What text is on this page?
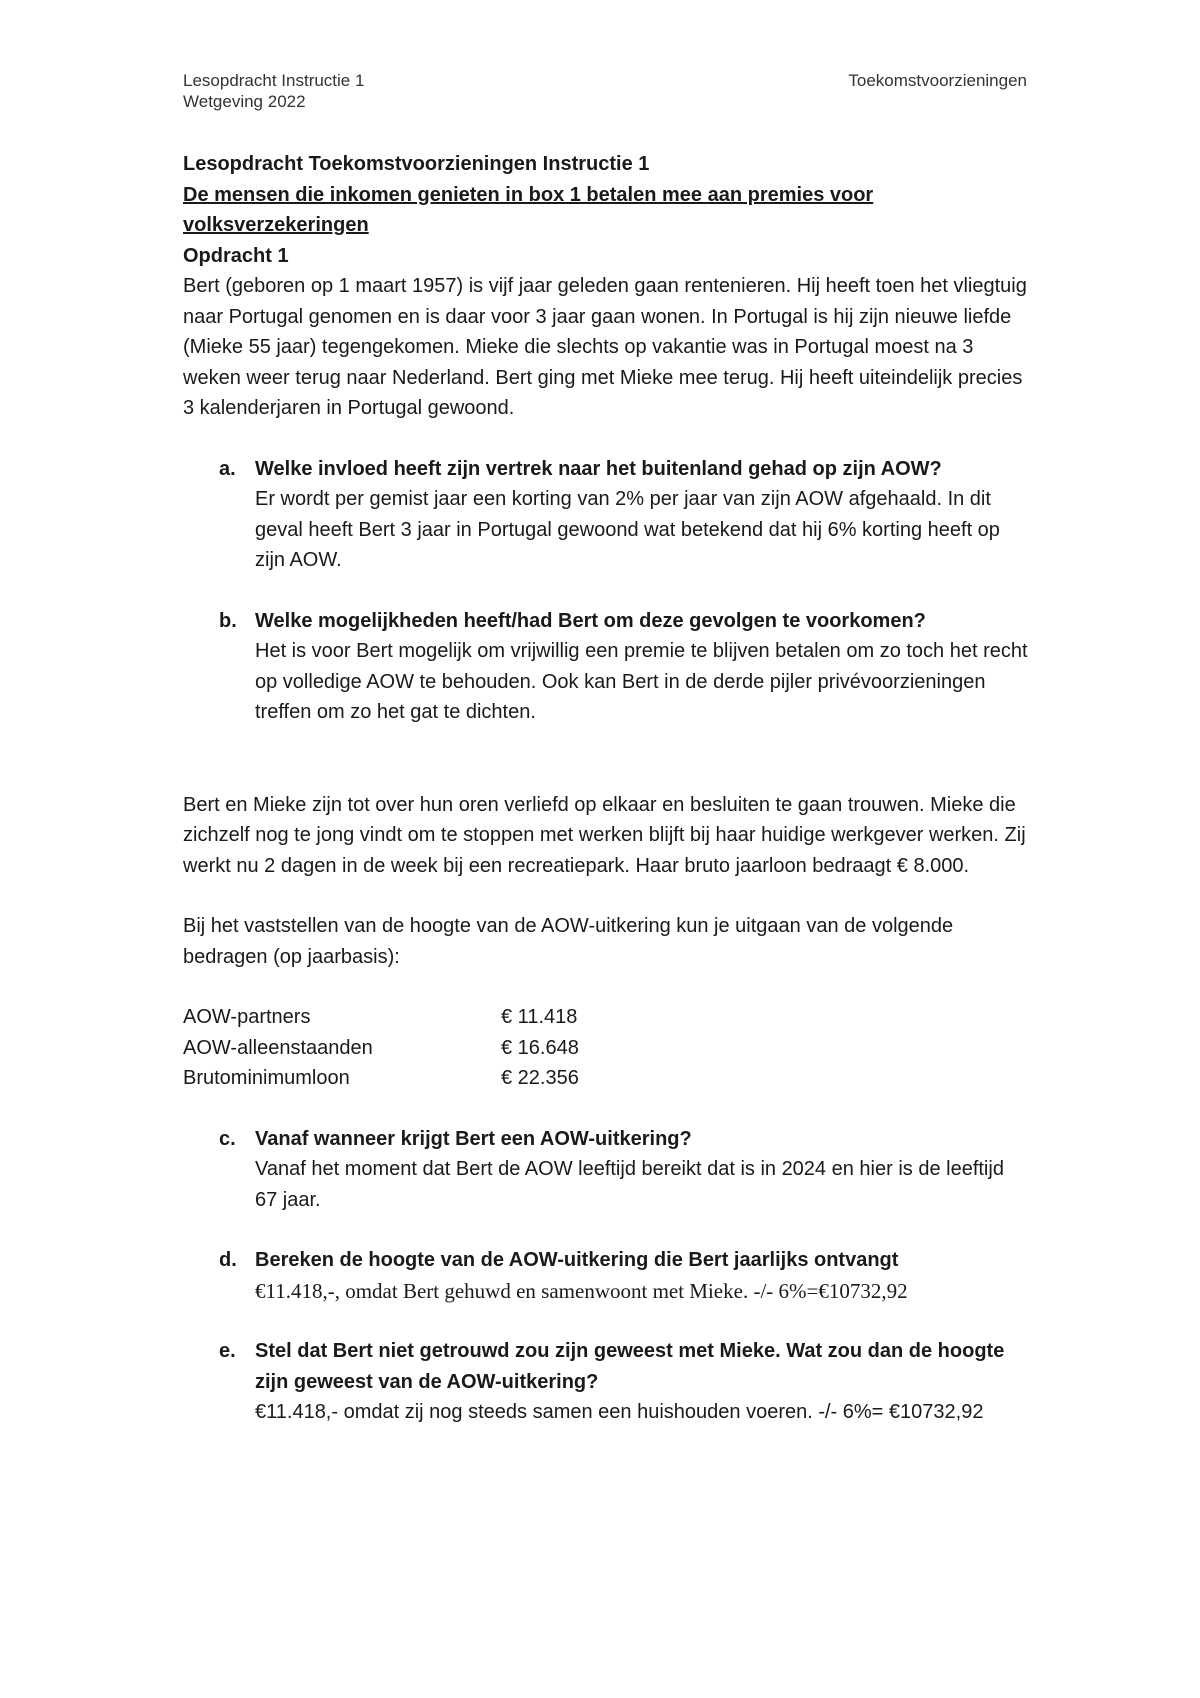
Lesopdracht Instructie 1
Wetgeving 2022
Toekomstvoorzieningen

Lesopdracht Toekomstvoorzieningen Instructie 1

De mensen die inkomen genieten in box 1 betalen mee aan premies voor volksverzekeringen

Opdracht 1

Bert (geboren op 1 maart 1957) is vijf jaar geleden gaan rentenieren. Hij heeft toen het vliegtuig naar Portugal genomen en is daar voor 3 jaar gaan wonen. In Portugal is hij zijn nieuwe liefde (Mieke 55 jaar) tegengekomen. Mieke die slechts op vakantie was in Portugal moest na 3 weken weer terug naar Nederland. Bert ging met Mieke mee terug. Hij heeft uiteindelijk precies 3 kalenderjaren in Portugal gewoond.

a. Welke invloed heeft zijn vertrek naar het buitenland gehad op zijn AOW?
Er wordt per gemist jaar een korting van 2% per jaar van zijn AOW afgehaald. In dit geval heeft Bert 3 jaar in Portugal gewoond wat betekend dat hij 6% korting heeft op zijn AOW.
b. Welke mogelijkheden heeft/had Bert om deze gevolgen te voorkomen?
Het is voor Bert mogelijk om vrijwillig een premie te blijven betalen om zo toch het recht op volledige AOW te behouden. Ook kan Bert in de derde pijler privévoorzieningen treffen om zo het gat te dichten.

Bert en Mieke zijn tot over hun oren verliefd op elkaar en besluiten te gaan trouwen. Mieke die zichzelf nog te jong vindt om te stoppen met werken blijft bij haar huidige werkgever werken. Zij werkt nu 2 dagen in de week bij een recreatiepark. Haar bruto jaarloon bedraagt € 8.000.

Bij het vaststellen van de hoogte van de AOW-uitkering kun je uitgaan van de volgende bedragen (op jaarbasis):

AOW-partners	€ 11.418
AOW-alleenstaanden	€ 16.648
Brutominimumloon	€ 22.356
c. Vanaf wanneer krijgt Bert een AOW-uitkering?
Vanaf het moment dat Bert de AOW leeftijd bereikt dat is in 2024 en hier is de leeftijd 67 jaar.
d. Bereken de hoogte van de AOW-uitkering die Bert jaarlijks ontvangt
€11.418,-, omdat Bert gehuwd en samenwoont met Mieke. -/- 6%=€10732,92
e. Stel dat Bert niet getrouwd zou zijn geweest met Mieke. Wat zou dan de hoogte zijn geweest van de AOW-uitkering?
€11.418,- omdat zij nog steeds samen een huishouden voeren. -/- 6%= €10732,92
